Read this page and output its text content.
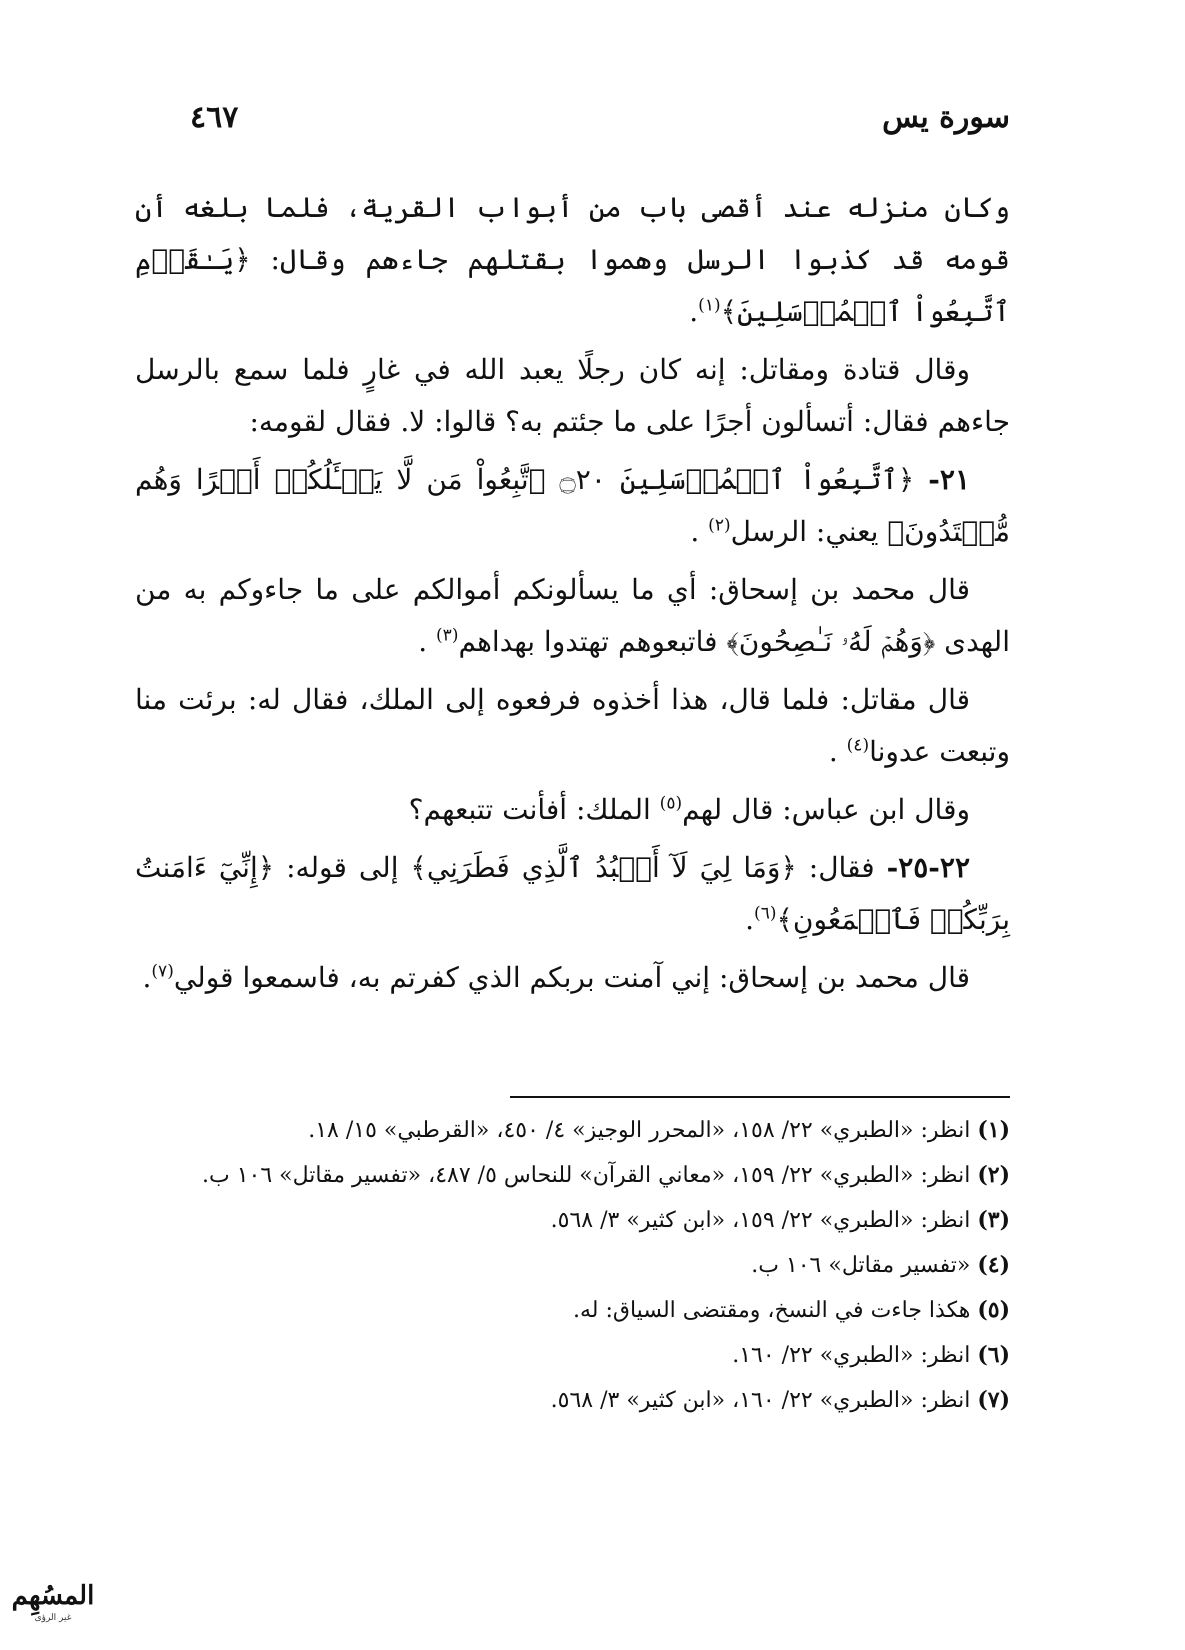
سورة يس
٤٦٧

وكان منزله عند أقصى باب من أبواب القرية، فلما بلغه أن قومه قد كذبوا الرسل وهموا بقتلهم جاءهم وقال: ﴿يَـٰقَوۡمِ ٱتَّبِعُواْ ٱلۡمُرۡسَلِينَ﴾$^{(١)}$.

وقال قتادة ومقاتل: إنه كان رجلًا يعبد الله في غارٍ فلما سمع بالرسل جاءهم فقال: أتسألون أجرًا على ما جئتم به؟ قالوا: لا. فقال لقومه:

٢١- ﴿ٱتَّبِعُواْ ٱلۡمُرۡسَلِينَ ۝٢٠ ٱتَّبِعُواْ مَن لَّا يَسۡـَٔلُكُمۡ أَجۡرًا وَهُم مُّهۡتَدُونَ﴾ يعني: الرسل$^{(٢)}$ .

قال محمد بن إسحاق: أي ما يسألونكم أموالكم على ما جاءوكم به من الهدى ﴿وَهُمۡ لَهُۥ نَـٰصِحُونَ﴾ فاتبعوهم تهتدوا بهداهم$^{(٣)}$ .

قال مقاتل: فلما قال، هذا أخذوه فرفعوه إلى الملك، فقال له: برئت منا وتبعت عدونا$^{(٤)}$ .

وقال ابن عباس: قال لهم$^{(٥)}$ الملك: أفأنت تتبعهم؟

٢٢-٢٥- فقال: ﴿وَمَا لِيَ لَآ أَعۡبُدُ ٱلَّذِي فَطَرَنِي﴾ إلى قوله: ﴿إِنِّيٓ ءَامَنتُ بِرَبِّكُمۡ فَٱسۡمَعُونِ﴾$^{(٦)}$.

قال محمد بن إسحاق: إني آمنت بربكم الذي كفرتم به، فاسمعوا قولي$^{(٧)}$.

(١) انظر: «الطبري» ٢٢/ ١٥٨، «المحرر الوجيز» ٤/ ٤٥٠، «القرطبي» ١٥/ ١٨.
(٢) انظر: «الطبري» ٢٢/ ١٥٩، «معاني القرآن» للنحاس ٥/ ٤٨٧، «تفسير مقاتل» ١٠٦ ب.
(٣) انظر: «الطبري» ٢٢/ ١٥٩، «ابن كثير» ٣/ ٥٦٨.
(٤) «تفسير مقاتل» ١٠٦ ب.
(٥) هكذا جاءت في النسخ، ومقتضى السياق: له.
(٦) انظر: «الطبري» ٢٢/ ١٦٠.
(٧) انظر: «الطبري» ٢٢/ ١٦٠، «ابن كثير» ٣/ ٥٦٨.
المسُهِم
غير الرؤى
